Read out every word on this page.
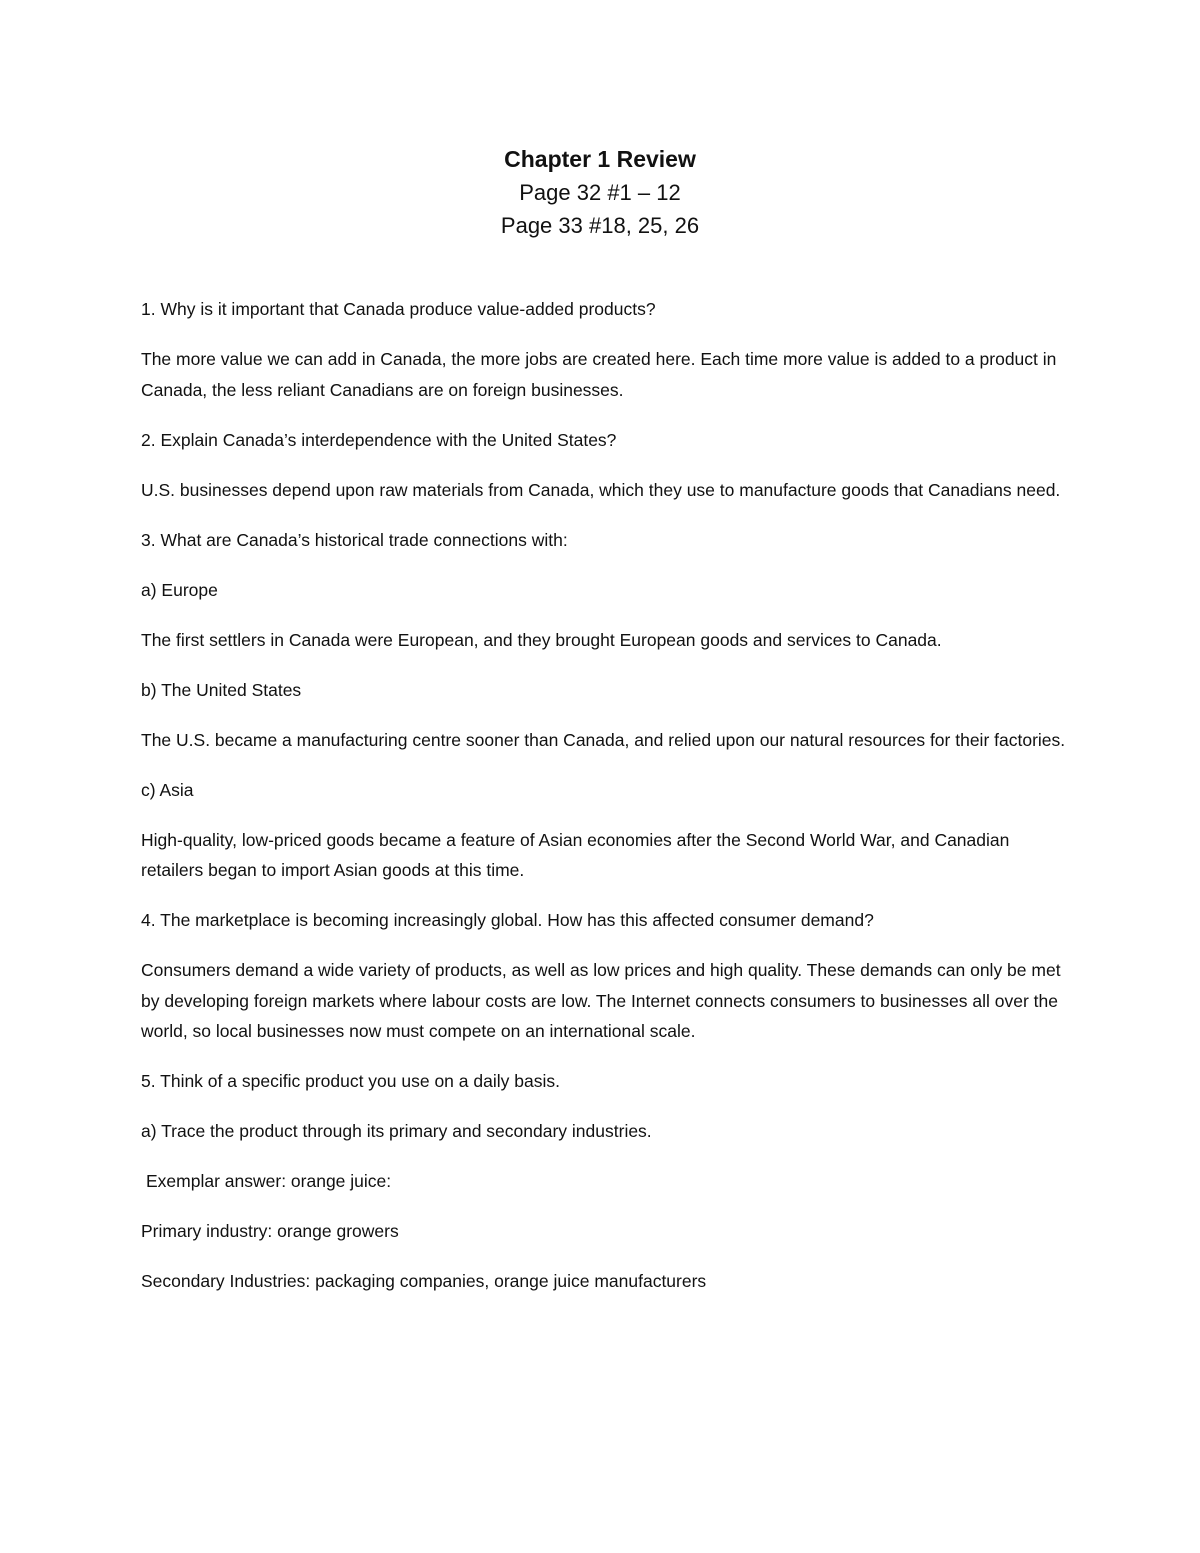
Chapter 1 Review

Page 32 #1 – 12

Page 33 #18, 25, 26

1. Why is it important that Canada produce value-added products?

The more value we can add in Canada, the more jobs are created here. Each time more value is added to a product in Canada, the less reliant Canadians are on foreign businesses.

2. Explain Canada’s interdependence with the United States?

U.S. businesses depend upon raw materials from Canada, which they use to manufacture goods that Canadians need.

3. What are Canada’s historical trade connections with:

a) Europe

The first settlers in Canada were European, and they brought European goods and services to Canada.

b) The United States

The U.S. became a manufacturing centre sooner than Canada, and relied upon our natural resources for their factories.

c) Asia

High-quality, low-priced goods became a feature of Asian economies after the Second World War, and Canadian retailers began to import Asian goods at this time.

4. The marketplace is becoming increasingly global. How has this affected consumer demand?

Consumers demand a wide variety of products, as well as low prices and high quality. These demands can only be met by developing foreign markets where labour costs are low. The Internet connects consumers to businesses all over the world, so local businesses now must compete on an international scale.

5. Think of a specific product you use on a daily basis.

a) Trace the product through its primary and secondary industries.

Exemplar answer: orange juice:

Primary industry: orange growers

Secondary Industries: packaging companies, orange juice manufacturers
